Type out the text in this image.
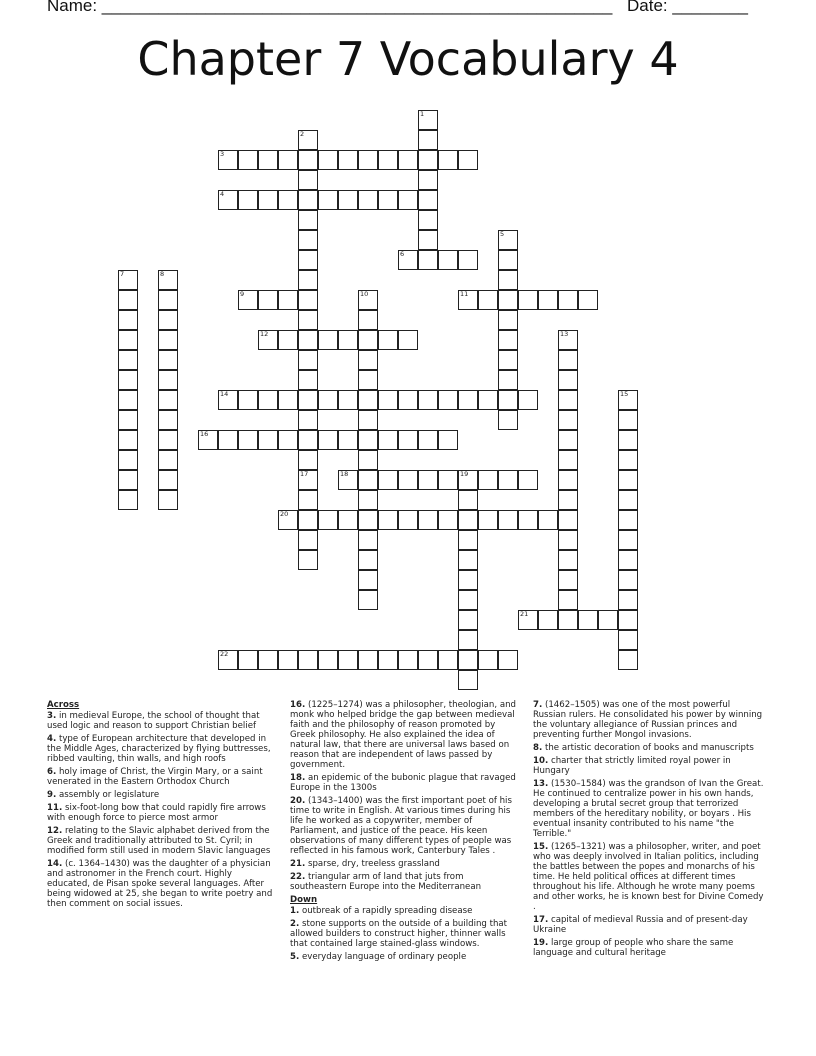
Name: ______________________________________________________

Date: ________

Chapter 7 Vocabulary 4
1
2
3
4
5
6
7	8
9	10	11
12	13
14	15
16
17	18	19
20
21
22
Across
3. in medieval Europe, the school of thought that used logic and reason to support Christian belief
4. type of European architecture that developed in the Middle Ages, characterized by flying buttresses, ribbed vaulting, thin walls, and high roofs
6. holy image of Christ, the Virgin Mary, or a saint venerated in the Eastern Orthodox Church
9. assembly or legislature
11. six-foot-long bow that could rapidly fire arrows with enough force to pierce most armor
12. relating to the Slavic alphabet derived from the Greek and traditionally attributed to St. Cyril; in modified form still used in modern Slavic languages
14. (c. 1364–1430) was the daughter of a physician and astronomer in the French court. Highly educated, de Pisan spoke several languages. After being widowed at 25, she began to write poetry and then comment on social issues.
16. (1225–1274) was a philosopher, theologian, and monk who helped bridge the gap between medieval faith and the philosophy of reason promoted by Greek philosophy. He also explained the idea of natural law, that there are universal laws based on reason that are independent of laws passed by government.
18. an epidemic of the bubonic plague that ravaged Europe in the 1300s
20. (1343–1400) was the first important poet of his time to write in English. At various times during his life he worked as a copywriter, member of Parliament, and justice of the peace. His keen observations of many different types of people was reflected in his famous work, Canterbury Tales .
21. sparse, dry, treeless grassland
22. triangular arm of land that juts from southeastern Europe into the Mediterranean
Down
1. outbreak of a rapidly spreading disease
2. stone supports on the outside of a building that allowed builders to construct higher, thinner walls that contained large stained-glass windows.
5. everyday language of ordinary people
7. (1462–1505) was one of the most powerful Russian rulers. He consolidated his power by winning the voluntary allegiance of Russian princes and preventing further Mongol invasions.
8. the artistic decoration of books and manuscripts
10. charter that strictly limited royal power in Hungary
13. (1530–1584) was the grandson of Ivan the Great. He continued to centralize power in his own hands, developing a brutal secret group that terrorized members of the hereditary nobility, or boyars . His eventual insanity contributed to his name "the Terrible."
15. (1265–1321) was a philosopher, writer, and poet who was deeply involved in Italian politics, including the battles between the popes and monarchs of his time. He held political offices at different times throughout his life. Although he wrote many poems and other works, he is known best for Divine Comedy .
17. capital of medieval Russia and of present-day Ukraine
19. large group of people who share the same language and cultural heritage
